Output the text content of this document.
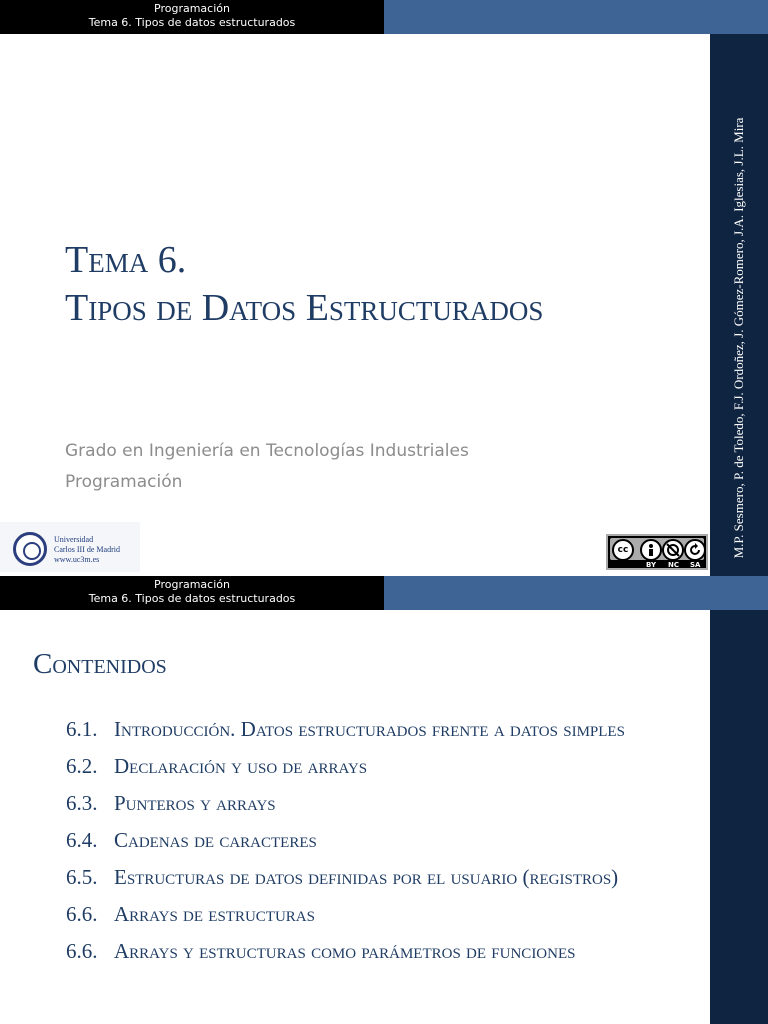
Programación
Tema 6. Tipos de datos estructurados
M.P. Sesmero, P. de Toledo, F.J. Ordoñez, J. Gómez-Romero, J.A. Iglesias, J.L. Mira
Tema 6.
Tipos de Datos Estructurados
Grado en Ingeniería en Tecnologías Industriales
Programación
Universidad
Carlos III de Madrid
www.uc3m.es
cc
BY NC SA
Programación
Tema 6. Tipos de datos estructurados
Contenidos
6.1. Introducción. Datos estructurados frente a datos simples
6.2. Declaración y uso de arrays
6.3. Punteros y arrays
6.4. Cadenas de caracteres
6.5. Estructuras de datos definidas por el usuario (registros)
6.6. Arrays de estructuras
6.6. Arrays y estructuras como parámetros de funciones
